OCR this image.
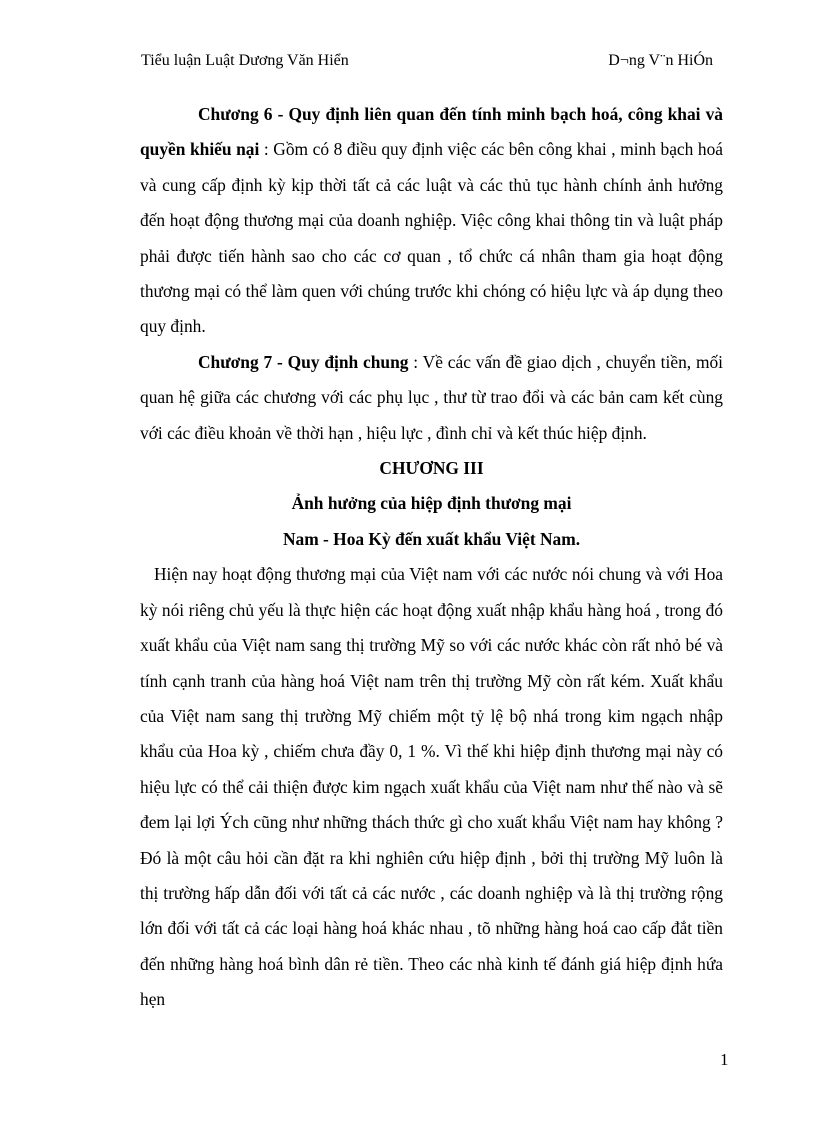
Tiểu luận Luật Dương Văn Hiển	D¬ng V¨n HiÓn

Chương 6 - Quy định liên quan đến tính minh bạch hoá, công khai và quyền khiếu nại : Gồm có 8 điều quy định việc các bên công khai , minh bạch hoá và cung cấp định kỳ kịp thời tất cả các luật và các thủ tục hành chính ảnh hưởng đến hoạt động thương mại của doanh nghiệp. Việc công khai thông tin và luật pháp phải được tiến hành sao cho các cơ quan , tổ chức cá nhân tham gia hoạt động thương mại có thể làm quen với chúng trước khi chóng có hiệu lực và áp dụng theo quy định.

Chương 7 - Quy định chung : Về các vấn đề giao dịch , chuyển tiền, mối quan hệ giữa các chương với các phụ lục , thư từ trao đổi và các bản cam kết cùng với các điều khoản về thời hạn , hiệu lực , đình chỉ và kết thúc hiệp định.

CHƯƠNG III

Ảnh hưởng của hiệp định thương mại

Nam - Hoa Kỳ đến xuất khẩu Việt Nam.

Hiện nay hoạt động thương mại của Việt nam với các nước nói chung và với Hoa kỳ nói riêng chủ yếu là thực hiện các hoạt động xuất nhập khẩu hàng hoá , trong đó xuất khẩu của Việt nam sang thị trường Mỹ so với các nước khác còn rất nhỏ bé và tính cạnh tranh của hàng hoá Việt nam trên thị trường Mỹ còn rất kém. Xuất khẩu của Việt nam sang thị trường Mỹ chiếm một tỷ lệ bộ nhá trong kim ngạch nhập khẩu của Hoa kỳ , chiếm chưa đầy 0, 1 %. Vì thế khi hiệp định thương mại này có hiệu lực có thể cải thiện được kim ngạch xuất khẩu của Việt nam như thế nào và sẽ đem lại lợi Ých cũng như những thách thức gì cho xuất khẩu Việt nam hay không ? Đó là một câu hỏi cần đặt ra khi nghiên cứu hiệp định , bởi thị trường Mỹ luôn là thị trường hấp dẫn đối với tất cả các nước , các doanh nghiệp và là thị trường rộng lớn đối với tất cả các loại hàng hoá khác nhau , tõ những hàng hoá cao cấp đắt tiền đến những hàng hoá bình dân rẻ tiền. Theo các nhà kinh tế đánh giá hiệp định hứa hẹn

1
